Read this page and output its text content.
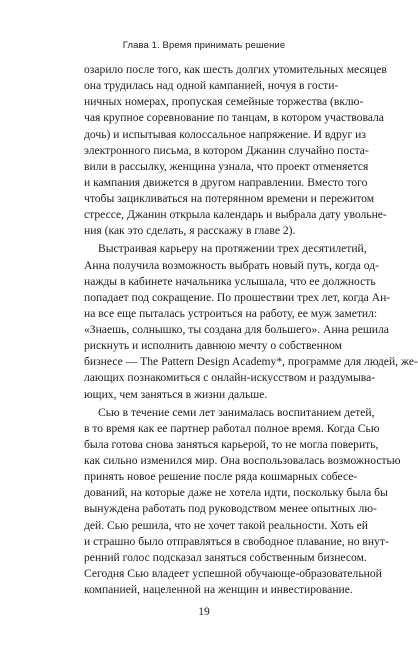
Глава 1. Время принимать решение
озарило после того, как шесть долгих утомительных месяцев
она трудилась над одной кампанией, ночуя в гости-
ничных номерах, пропуская семейные торжества (вклю-
чая крупное соревнование по танцам, в котором участвовала
дочь) и испытывая колоссальное напряжение. И вдруг из
электронного письма, в котором Джанин случайно поста-
вили в рассылку, женщина узнала, что проект отменяется
и кампания движется в другом направлении. Вместо того
чтобы зацикливаться на потерянном времени и пережитом
стрессе, Джанин открыла календарь и выбрала дату увольне-
ния (как это сделать, я расскажу в главе 2).
Выстраивая карьеру на протяжении трех десятилетий,
Анна получила возможность выбрать новый путь, когда од-
нажды в кабинете начальника услышала, что ее должность
попадает под сокращение. По прошествии трех лет, когда Ан-
на все еще пыталась устроиться на работу, ее муж заметил:
«Знаешь, солнышко, ты создана для большего». Анна решила
рискнуть и исполнить давнюю мечту о собственном
бизнесе — The Pattern Design Academy*, программе для людей, же-
лающих познакомиться с онлайн-искусством и раздумыва-
ющих, чем заняться в жизни дальше.
Сью в течение семи лет занималась воспитанием детей,
в то время как ее партнер работал полное время. Когда Сью
была готова снова заняться карьерой, то не могла поверить,
как сильно изменился мир. Она воспользовалась возможностью
принять новое решение после ряда кошмарных собесе-
дований, на которые даже не хотела идти, поскольку была бы
вынуждена работать под руководством менее опытных лю-
дей. Сью решила, что не хочет такой реальности. Хоть ей
и страшно было отправляться в свободное плавание, но внут-
ренний голос подсказал заняться собственным бизнесом.
Сегодня Сью владеет успешной обучающе-образовательной
компанией, нацеленной на женщин и инвестирование.
19
